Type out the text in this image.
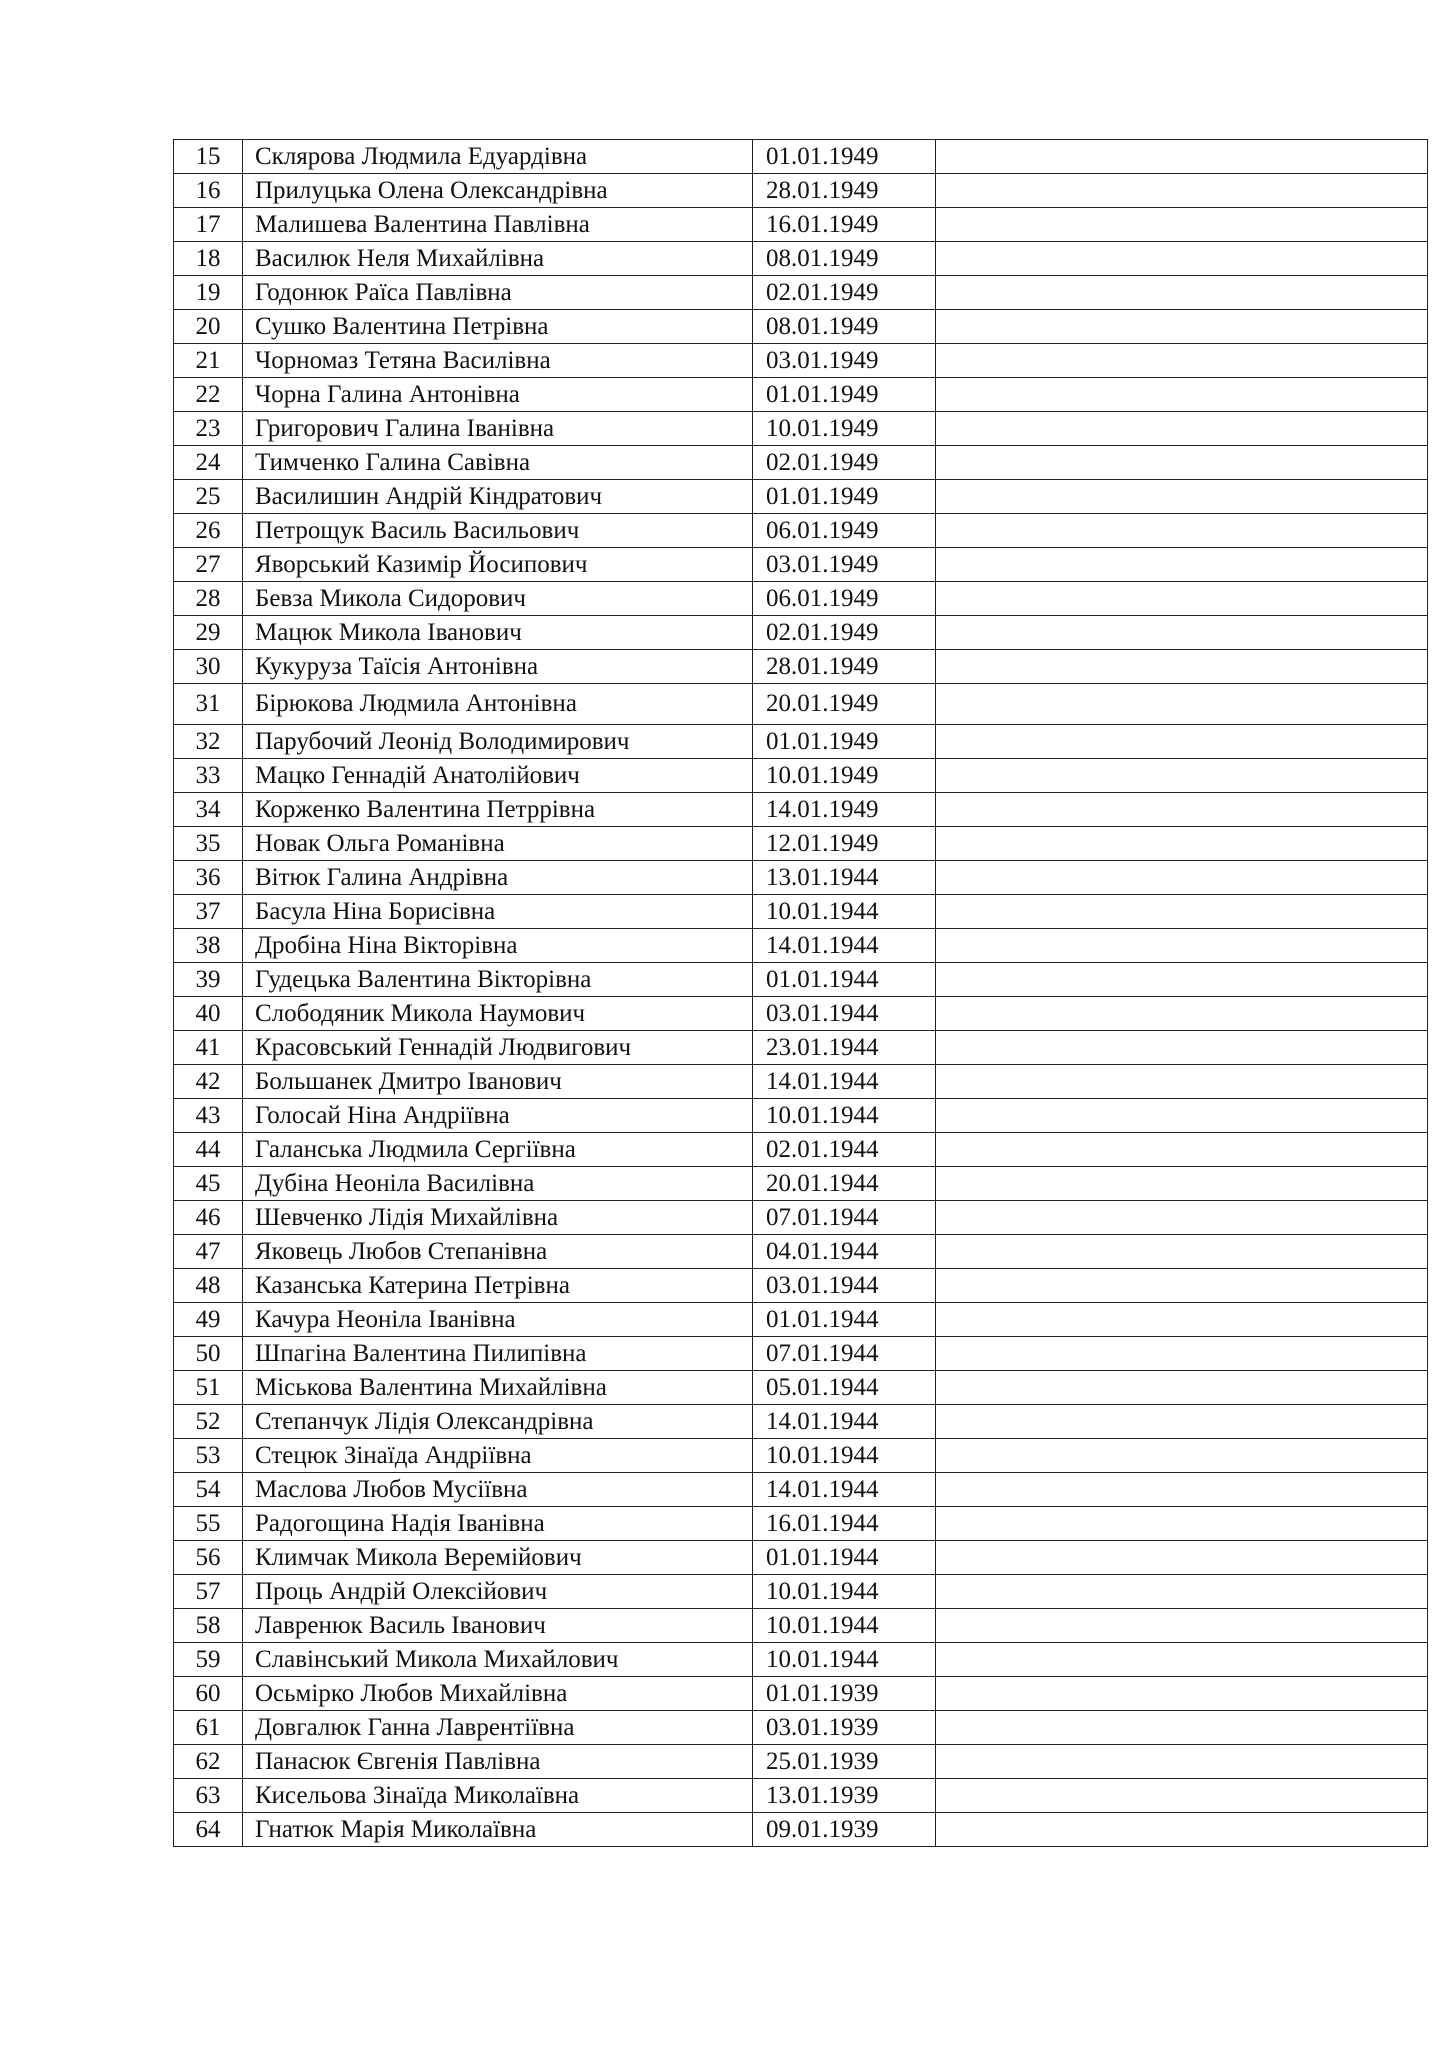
15	Склярова Людмила Едуардівна	01.01.1949	
16	Прилуцька Олена Олександрівна	28.01.1949	
17	Малишева Валентина Павлівна	16.01.1949	
18	Василюк Неля Михайлівна	08.01.1949	
19	Годонюк Раїса Павлівна	02.01.1949	
20	Сушко Валентина Петрівна	08.01.1949	
21	Чорномаз Тетяна Василівна	03.01.1949	
22	Чорна Галина Антонівна	01.01.1949	
23	Григорович Галина Іванівна	10.01.1949	
24	Тимченко Галина Савівна	02.01.1949	
25	Василишин Андрій Кіндратович	01.01.1949	
26	Петрощук Василь Васильович	06.01.1949	
27	Яворський Казимір Йосипович	03.01.1949	
28	Бевза Микола Сидорович	06.01.1949	
29	Мацюк Микола Іванович	02.01.1949	
30	Кукуруза Таїсія Антонівна	28.01.1949	
31	Бірюкова Людмила Антонівна	20.01.1949	
32	Парубочий Леонід Володимирович	01.01.1949	
33	Мацко Геннадій Анатолійович	10.01.1949	
34	Корженко Валентина Петррівна	14.01.1949	
35	Новак Ольга Романівна	12.01.1949	
36	Вітюк Галина Андрівна	13.01.1944	
37	Басула Ніна Борисівна	10.01.1944	
38	Дробіна Ніна Вікторівна	14.01.1944	
39	Гудецька Валентина Вікторівна	01.01.1944	
40	Слободяник Микола Наумович	03.01.1944	
41	Красовський Геннадій Людвигович	23.01.1944	
42	Большанек Дмитро Іванович	14.01.1944	
43	Голосай Ніна Андріївна	10.01.1944	
44	Галанська Людмила Сергіївна	02.01.1944	
45	Дубіна Неоніла Василівна	20.01.1944	
46	Шевченко Лідія Михайлівна	07.01.1944	
47	Яковець Любов Степанівна	04.01.1944	
48	Казанська Катерина Петрівна	03.01.1944	
49	Качура Неоніла Іванівна	01.01.1944	
50	Шпагіна Валентина Пилипівна	07.01.1944	
51	Міськова Валентина Михайлівна	05.01.1944	
52	Степанчук Лідія Олександрівна	14.01.1944	
53	Стецюк Зінаїда Андріївна	10.01.1944	
54	Маслова Любов Мусіївна	14.01.1944	
55	Радогощина Надія Іванівна	16.01.1944	
56	Климчак Микола Веремійович	01.01.1944	
57	Проць Андрій Олексійович	10.01.1944	
58	Лавренюк Василь Іванович	10.01.1944	
59	Славінський Микола Михайлович	10.01.1944	
60	Осьмірко Любов Михайлівна	01.01.1939	
61	Довгалюк Ганна Лаврентіївна	03.01.1939	
62	Панасюк Євгенія Павлівна	25.01.1939	
63	Кисельова Зінаїда Миколаївна	13.01.1939	
64	Гнатюк Марія Миколаївна	09.01.1939	
